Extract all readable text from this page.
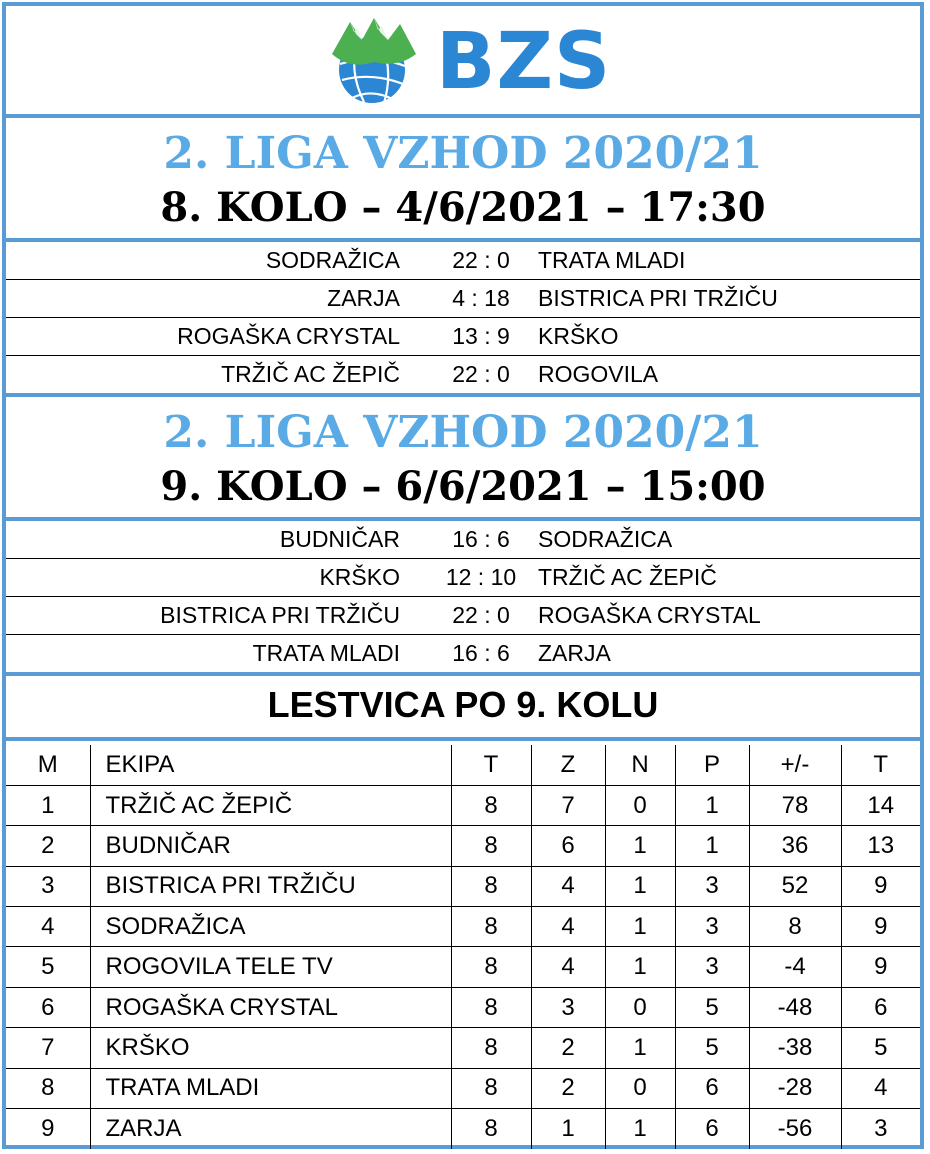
BZS
2. LIGA VZHOD 2020/21
8. KOLO – 4/6/2021 – 17:30
SODRAŽICA	22 : 0	TRATA MLADI
ZARJA	4 : 18	BISTRICA PRI TRŽIČU
ROGAŠKA CRYSTAL	13 : 9	KRŠKO
TRŽIČ AC ŽEPIČ	22 : 0	ROGOVILA
2. LIGA VZHOD 2020/21
9. KOLO – 6/6/2021 – 15:00
BUDNIČAR	16 : 6	SODRAŽICA
KRŠKO	12 : 10 TRŽIČ AC ŽEPIČ
BISTRICA PRI TRŽIČU	22 : 0	ROGAŠKA CRYSTAL
TRATA MLADI	16 : 6	ZARJA
LESTVICA PO 9. KOLU
M	EKIPA	T	Z	N	P	+/-	T
1	TRŽIČ AC ŽEPIČ	8	7	0	1	78	14
2	BUDNIČAR	8	6	1	1	36	13
3	BISTRICA PRI TRŽIČU	8	4	1	3	52	9
4	SODRAŽICA	8	4	1	3	8	9
5	ROGOVILA TELE TV	8	4	1	3	-4	9
6	ROGAŠKA CRYSTAL	8	3	0	5	-48	6
7	KRŠKO	8	2	1	5	-38	5
8	TRATA MLADI	8	2	0	6	-28	4
9	ZARJA	8	1	1	6	-56	3
